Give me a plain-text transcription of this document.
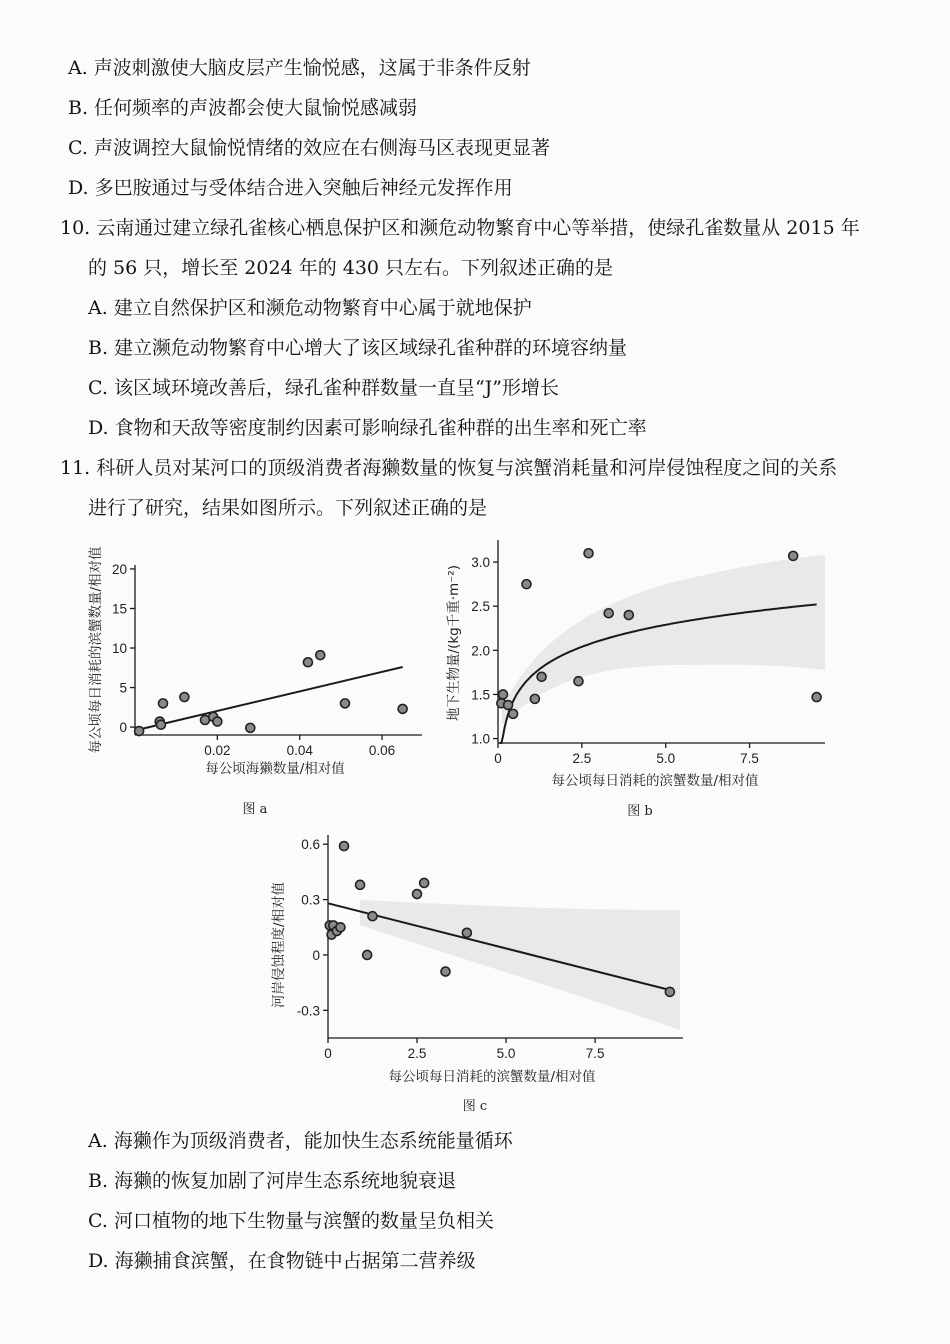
A. 声波刺激使大脑皮层产生愉悦感，这属于非条件反射
B. 任何频率的声波都会使大鼠愉悦感减弱
C. 声波调控大鼠愉悦情绪的效应在右侧海马区表现更显著
D. 多巴胺通过与受体结合进入突触后神经元发挥作用
10. 云南通过建立绿孔雀核心栖息保护区和濒危动物繁育中心等举措，使绿孔雀数量从 2015 年
的 56 只，增长至 2024 年的 430 只左右。下列叙述正确的是
A. 建立自然保护区和濒危动物繁育中心属于就地保护
B. 建立濒危动物繁育中心增大了该区域绿孔雀种群的环境容纳量
C. 该区域环境改善后，绿孔雀种群数量一直呈“J”形增长
D. 食物和天敌等密度制约因素可影响绿孔雀种群的出生率和死亡率
11. 科研人员对某河口的顶级消费者海獭数量的恢复与滨蟹消耗量和河岸侵蚀程度之间的关系
进行了研究，结果如图所示。下列叙述正确的是
0.02	0.04	0.06
0
5
10
15
20
每公顷海獭数量/相对值
每公顷每日消耗的滨蟹数量/相对值
图 a
0	2.5	5.0	7.5
1.0
1.5
2.0
2.5
3.0
每公顷每日消耗的滨蟹数量/相对值
地下生物量/(kg千重·m⁻²)
图 b
0	2.5	5.0	7.5
-0.3
0
0.3
0.6
每公顷每日消耗的滨蟹数量/相对值
河岸侵蚀程度/相对值
图 c
A. 海獭作为顶级消费者，能加快生态系统能量循环
B. 海獭的恢复加剧了河岸生态系统地貌衰退
C. 河口植物的地下生物量与滨蟹的数量呈负相关
D. 海獭捕食滨蟹，在食物链中占据第二营养级
